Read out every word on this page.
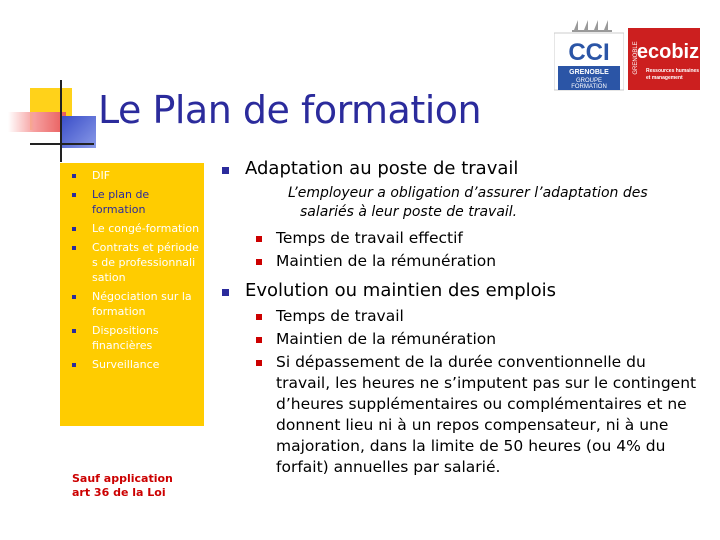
Le Plan de formation
CCI
GRENOBLE
GROUPE
FORMATION
GRENOBLE
ecobiz
Ressources humaines
et management
DIF
Le plan de formation
Le congé-formation
Contrats et périodes de professionnalisation
Négociation sur la formation
Dispositions financières
Surveillance
Sauf application
art 36 de la Loi
Adaptation au poste de travail
L’employeur a obligation d’assurer l’adaptation des salariés à leur poste de travail.
Temps de travail effectif
Maintien de la rémunération
Evolution ou maintien des emplois
Temps de travail
Maintien de la rémunération
Si dépassement de la durée conventionnelle du travail, les heures ne s’imputent pas sur le contingent d’heures supplémentaires ou complémentaires et ne donnent lieu ni à un repos compensateur, ni à une majoration, dans la limite de 50 heures (ou 4% du forfait) annuelles par salarié.
